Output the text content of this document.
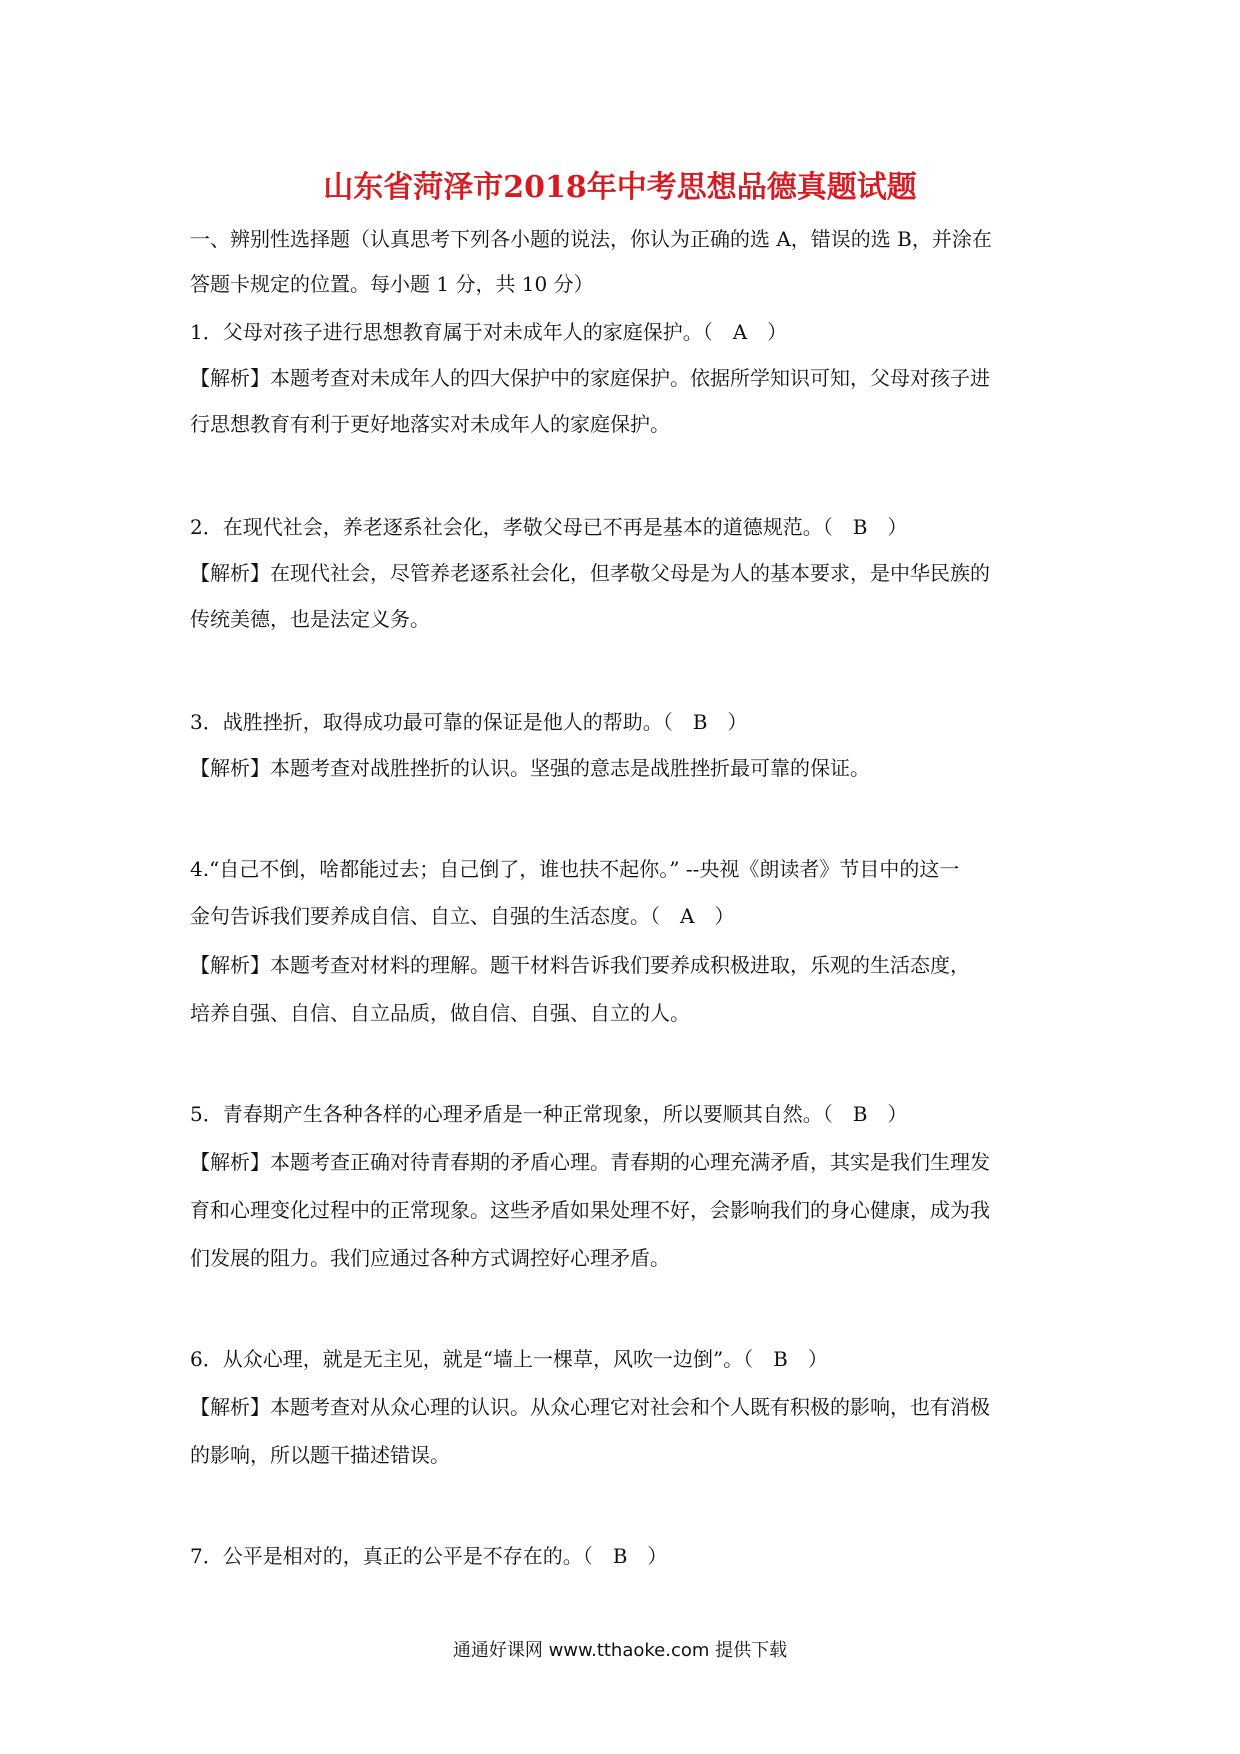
山东省菏泽市2018年中考思想品德真题试题
一、辨别性选择题（认真思考下列各小题的说法，你认为正确的选 A，错误的选 B，并涂在
答题卡规定的位置。每小题 1 分，共 10 分）
1．父母对孩子进行思想教育属于对未成年人的家庭保护。（　A　）
【解析】本题考查对未成年人的四大保护中的家庭保护。依据所学知识可知，父母对孩子进
行思想教育有利于更好地落实对未成年人的家庭保护。
2．在现代社会，养老逐系社会化，孝敬父母已不再是基本的道德规范。（　B　）
【解析】在现代社会，尽管养老逐系社会化，但孝敬父母是为人的基本要求，是中华民族的
传统美德，也是法定义务。
3．战胜挫折，取得成功最可靠的保证是他人的帮助。（　B　）
【解析】本题考查对战胜挫折的认识。坚强的意志是战胜挫折最可靠的保证。
4.“自己不倒，啥都能过去；自己倒了，谁也扶不起你。” --央视《朗读者》节目中的这一
金句告诉我们要养成自信、自立、自强的生活态度。（　A　）
【解析】本题考查对材料的理解。题干材料告诉我们要养成积极进取，乐观的生活态度，
培养自强、自信、自立品质，做自信、自强、自立的人。
5．青春期产生各种各样的心理矛盾是一种正常现象，所以要顺其自然。（　B　）
【解析】本题考查正确对待青春期的矛盾心理。青春期的心理充满矛盾，其实是我们生理发
育和心理变化过程中的正常现象。这些矛盾如果处理不好，会影响我们的身心健康，成为我
们发展的阻力。我们应通过各种方式调控好心理矛盾。
6．从众心理，就是无主见，就是“墙上一棵草，风吹一边倒”。（　B　）
【解析】本题考查对从众心理的认识。从众心理它对社会和个人既有积极的影响，也有消极
的影响，所以题干描述错误。
7．公平是相对的，真正的公平是不存在的。（　B　）
通通好课网 www.tthaoke.com 提供下载
